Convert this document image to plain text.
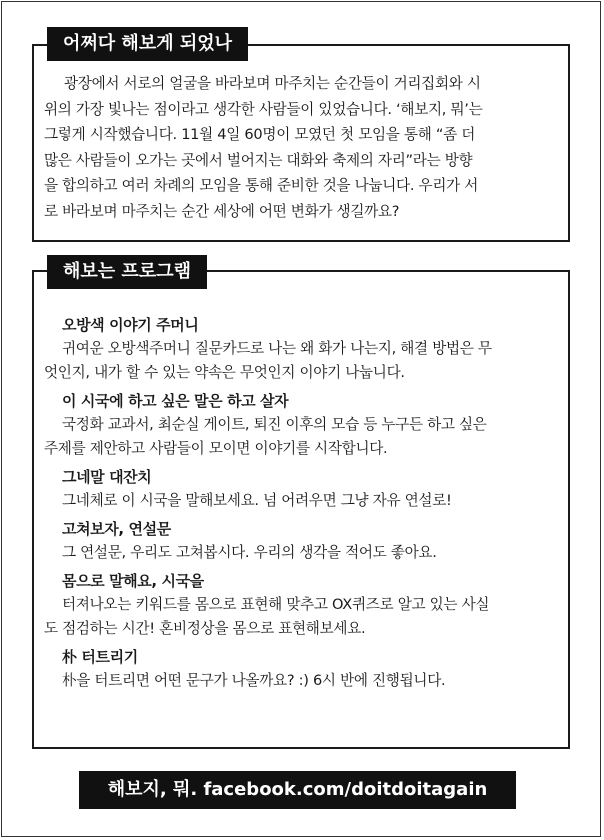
어쩌다 해보게 되었나

광장에서 서로의 얼굴을 바라보며 마주치는 순간들이 거리집회와 시
위의 가장 빛나는 점이라고 생각한 사람들이 있었습니다. ‘해보지, 뭐’는
그렇게 시작했습니다. 11월 4일 60명이 모였던 첫 모임을 통해 “좀 더
많은 사람들이 오가는 곳에서 벌어지는 대화와 축제의 자리”라는 방향
을 합의하고 여러 차례의 모임을 통해 준비한 것을 나눕니다. 우리가 서
로 바라보며 마주치는 순간 세상에 어떤 변화가 생길까요?

해보는 프로그램
오방색 이야기 주머니

귀여운 오방색주머니 질문카드로 나는 왜 화가 나는지, 해결 방법은 무
엇인지, 내가 할 수 있는 약속은 무엇인지 이야기 나눕니다.

이 시국에 하고 싶은 말은 하고 살자

국정화 교과서, 최순실 게이트, 퇴진 이후의 모습 등 누구든 하고 싶은
주제를 제안하고 사람들이 모이면 이야기를 시작합니다.

그네말 대잔치

그네체로 이 시국을 말해보세요. 넘 어려우면 그냥 자유 연설로!

고쳐보자, 연설문

그 연설문, 우리도 고쳐봅시다. 우리의 생각을 적어도 좋아요.

몸으로 말해요, 시국을

터져나오는 키워드를 몸으로 표현해 맞추고 OX퀴즈로 알고 있는 사실
도 점검하는 시간! 혼비정상을 몸으로 표현해보세요.

朴 터트리기

朴을 터트리면 어떤 문구가 나올까요? :) 6시 반에 진행됩니다.

해보지, 뭐. facebook.com/doitdoitagain
